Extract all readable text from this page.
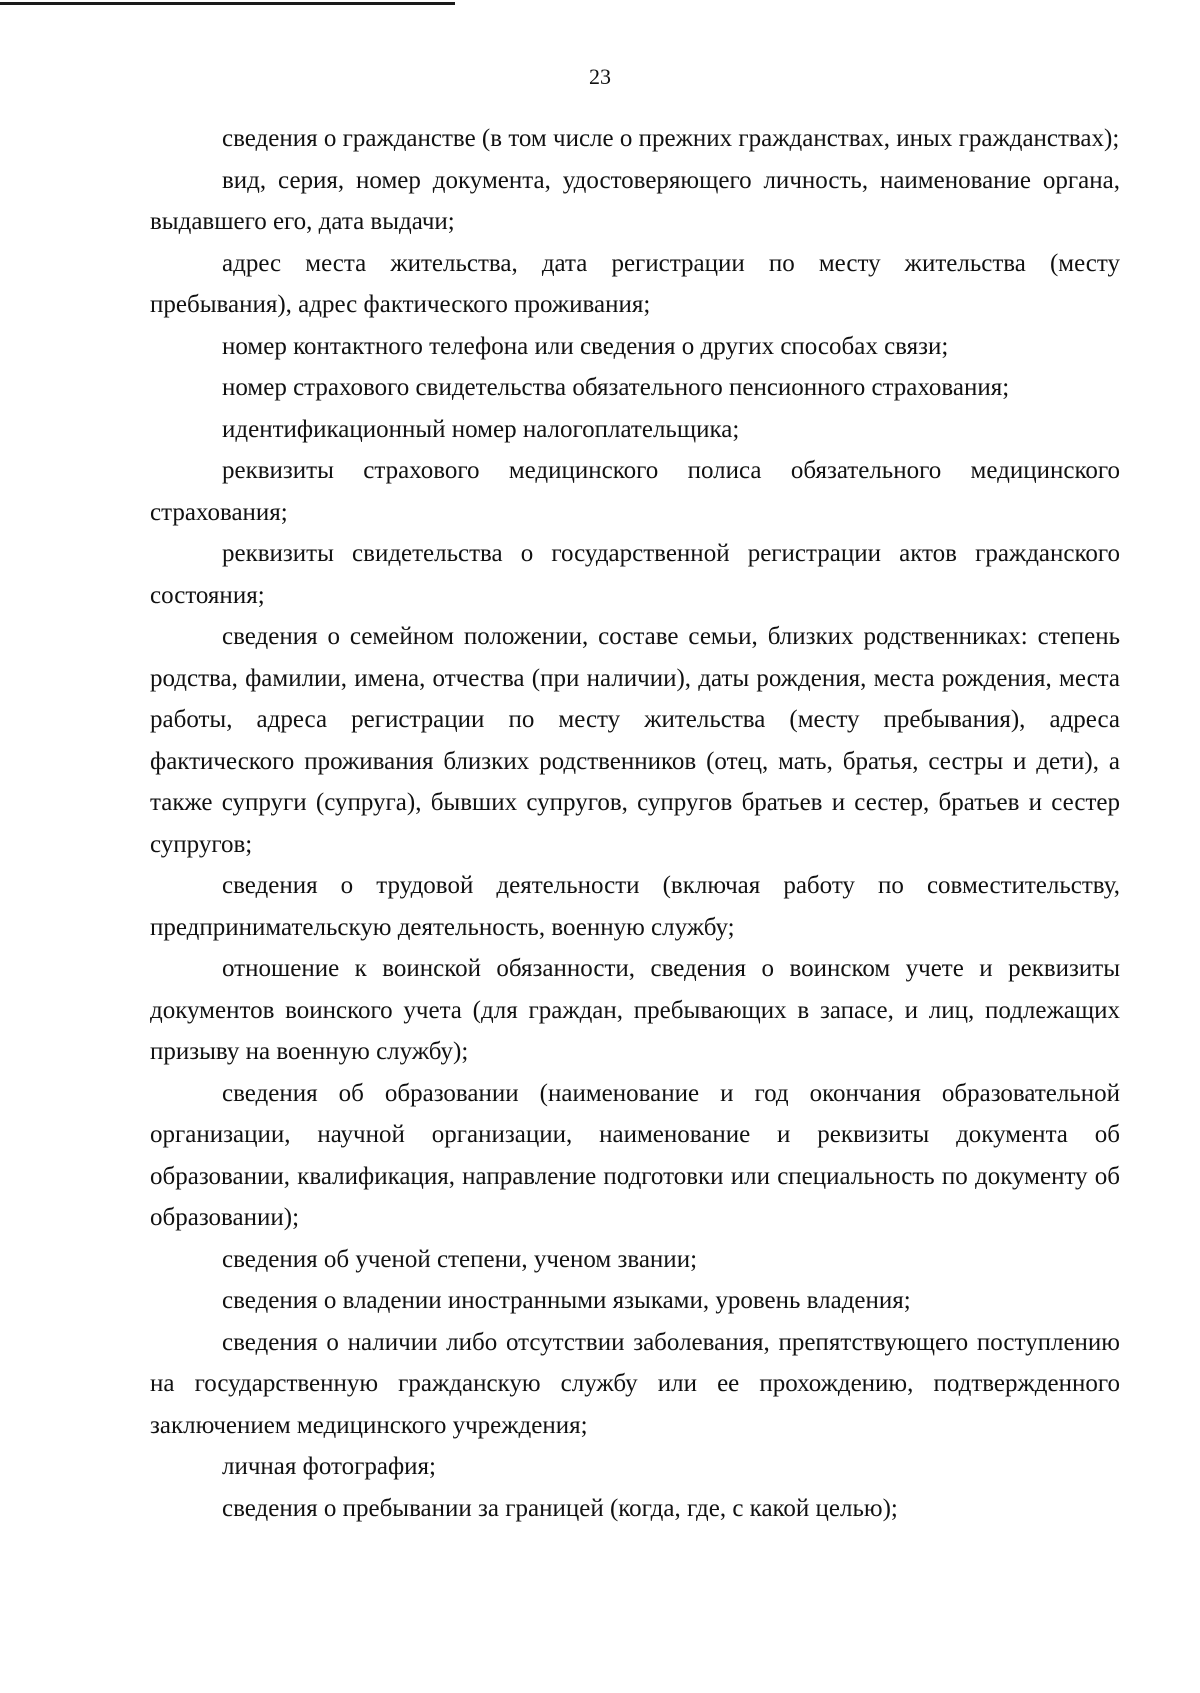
23

сведения о гражданстве (в том числе о прежних гражданствах, иных гражданствах);

вид, серия, номер документа, удостоверяющего личность, наименование органа, выдавшего его, дата выдачи;

адрес места жительства, дата регистрации по месту жительства (месту пребывания), адрес фактического проживания;

номер контактного телефона или сведения о других способах связи;

номер страхового свидетельства обязательного пенсионного страхования;

идентификационный номер налогоплательщика;

реквизиты страхового медицинского полиса обязательного медицинского страхования;

реквизиты свидетельства о государственной регистрации актов гражданского состояния;

сведения о семейном положении, составе семьи, близких родственниках: степень родства, фамилии, имена, отчества (при наличии), даты рождения, места рождения, места работы, адреса регистрации по месту жительства (месту пребывания), адреса фактического проживания близких родственников (отец, мать, братья, сестры и дети), а также супруги (супруга), бывших супругов, супругов братьев и сестер, братьев и сестер супругов;

сведения о трудовой деятельности (включая работу по совместительству, предпринимательскую деятельность, военную службу;

отношение к воинской обязанности, сведения о воинском учете и реквизиты документов воинского учета (для граждан, пребывающих в запасе, и лиц, подлежащих призыву на военную службу);

сведения об образовании (наименование и год окончания образовательной организации, научной организации, наименование и реквизиты документа об образовании, квалификация, направление подготовки или специальность по документу об образовании);

сведения об ученой степени, ученом звании;

сведения о владении иностранными языками, уровень владения;

сведения о наличии либо отсутствии заболевания, препятствующего поступлению на государственную гражданскую службу или ее прохождению, подтвержденного заключением медицинского учреждения;

личная фотография;

сведения о пребывании за границей (когда, где, с какой целью);
